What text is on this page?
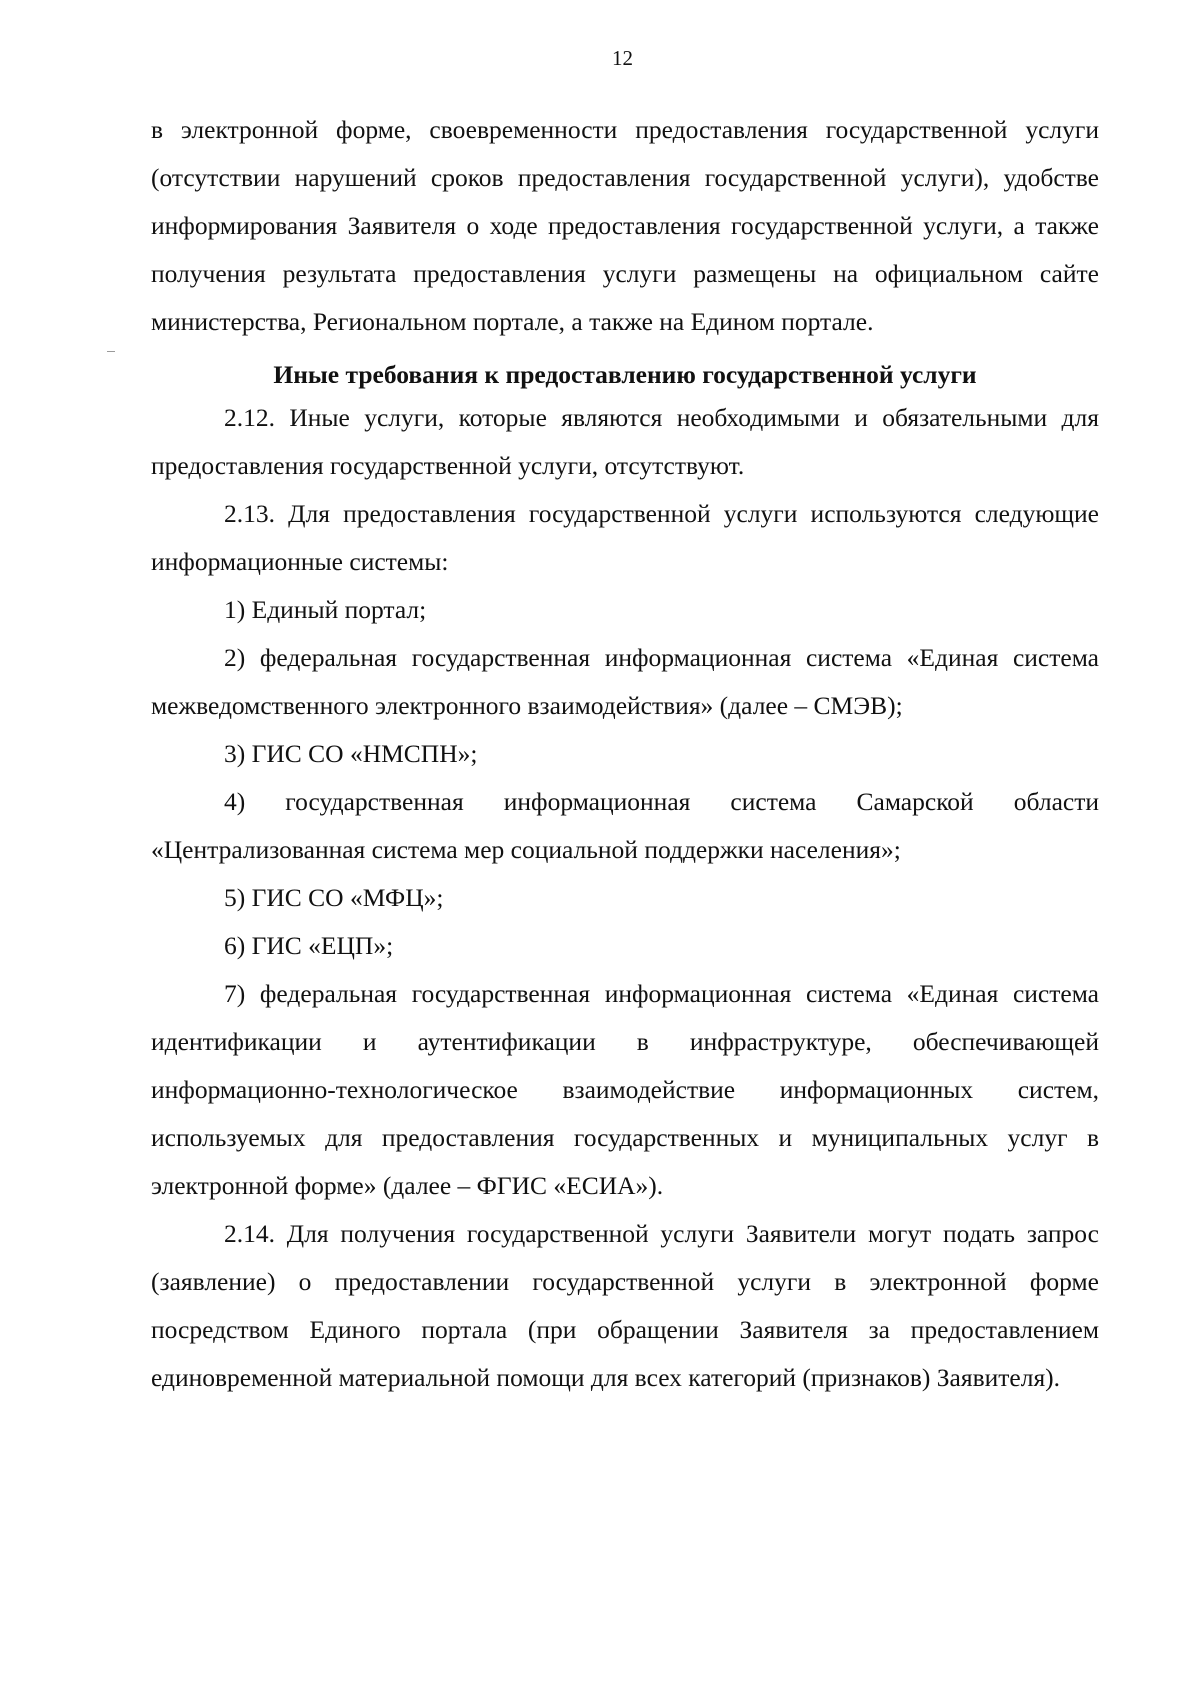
12

в электронной форме, своевременности предоставления государственной услуги (отсутствии нарушений сроков предоставления государственной услуги), удобстве информирования Заявителя о ходе предоставления государственной услуги, а также получения результата предоставления услуги размещены на официальном сайте министерства, Региональном портале, а также на Едином портале.

Иные требования к предоставлению государственной услуги

2.12. Иные услуги, которые являются необходимыми и обязательными для предоставления государственной услуги, отсутствуют.

2.13. Для предоставления государственной услуги используются следующие информационные системы:

1) Единый портал;

2) федеральная государственная информационная система «Единая система межведомственного электронного взаимодействия» (далее – СМЭВ);

3) ГИС СО «НМСПН»;

4) государственная информационная система Самарской области «Централизованная система мер социальной поддержки населения»;

5) ГИС СО «МФЦ»;

6) ГИС «ЕЦП»;

7) федеральная государственная информационная система «Единая система идентификации и аутентификации в инфраструктуре, обеспечивающей информационно-технологическое взаимодействие информационных систем, используемых для предоставления государственных и муниципальных услуг в электронной форме» (далее – ФГИС «ЕСИА»).

2.14. Для получения государственной услуги Заявители могут подать запрос (заявление) о предоставлении государственной услуги в электронной форме посредством Единого портала (при обращении Заявителя за предоставлением единовременной материальной помощи для всех категорий (признаков) Заявителя).
